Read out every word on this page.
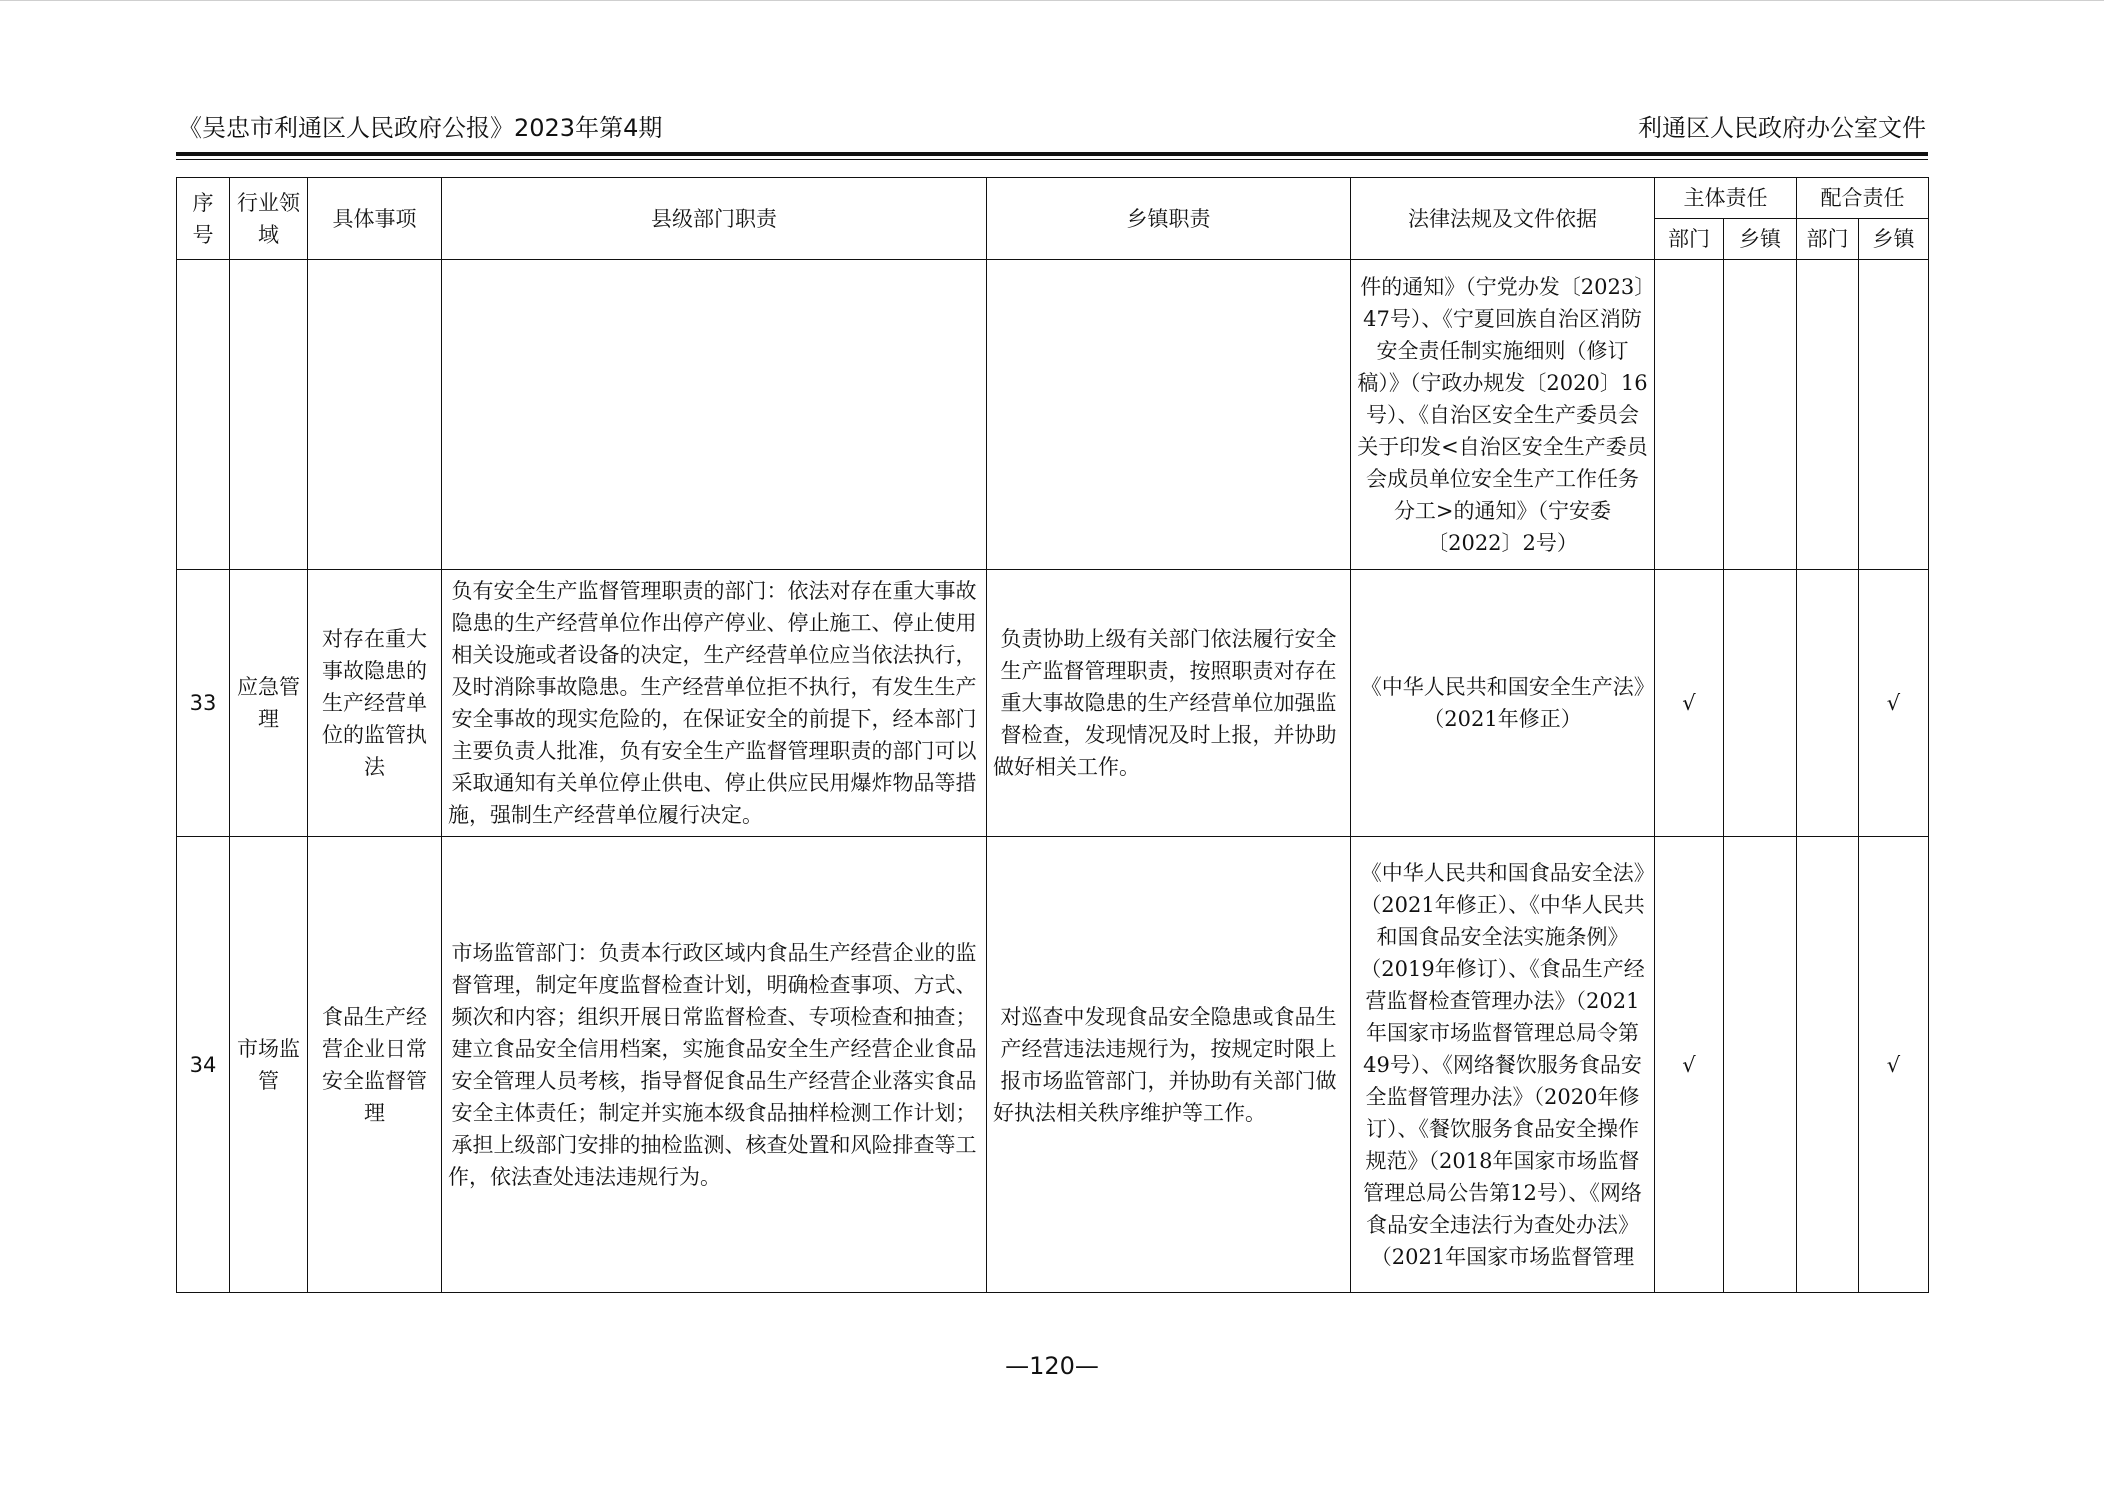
《吴忠市利通区人民政府公报》2023年第4期	利通区人民政府办公室文件
序号	行业领域	具体事项	县级部门职责	乡镇职责	法律法规及文件依据	主体责任		配合责任	
						部门	乡镇	部门	乡镇
					件的通知》（宁党办发〔2023〕47号）、《宁夏回族自治区消防安全责任制实施细则（修订稿）》（宁政办规发〔2020〕16号）、《自治区安全生产委员会关于印发<自治区安全生产委员会成员单位安全生产工作任务分工>的通知》（宁安委〔2022〕2号）				
33	应急管理	对存在重大事故隐患的生产经营单位的监管执法	负有安全生产监督管理职责的部门：依法对存在重大事故隐患的生产经营单位作出停产停业、停止施工、停止使用相关设施或者设备的决定，生产经营单位应当依法执行，及时消除事故隐患。生产经营单位拒不执行，有发生生产安全事故的现实危险的，在保证安全的前提下，经本部门主要负责人批准，负有安全生产监督管理职责的部门可以采取通知有关单位停止供电、停止供应民用爆炸物品等措施，强制生产经营单位履行决定。	负责协助上级有关部门依法履行安全生产监督管理职责，按照职责对存在重大事故隐患的生产经营单位加强监督检查，发现情况及时上报，并协助做好相关工作。	《中华人民共和国安全生产法》（2021年修正）	√			√
34	市场监管	食品生产经营企业日常安全监督管理	市场监管部门：负责本行政区域内食品生产经营企业的监督管理，制定年度监督检查计划，明确检查事项、方式、频次和内容；组织开展日常监督检查、专项检查和抽查；建立食品安全信用档案，实施食品安全生产经营企业食品安全管理人员考核，指导督促食品生产经营企业落实食品安全主体责任；制定并实施本级食品抽样检测工作计划；承担上级部门安排的抽检监测、核查处置和风险排查等工作，依法查处违法违规行为。	对巡查中发现食品安全隐患或食品生产经营违法违规行为，按规定时限上报市场监管部门，并协助有关部门做好执法相关秩序维护等工作。	《中华人民共和国食品安全法》（2021年修正）、《中华人民共和国食品安全法实施条例》（2019年修订）、《食品生产经营监督检查管理办法》（2021年国家市场监督管理总局令第49号）、《网络餐饮服务食品安全监督管理办法》（2020年修订）、《餐饮服务食品安全操作规范》（2018年国家市场监督管理总局公告第12号）、《网络食品安全违法行为查处办法》（2021年国家市场监督管理	√			√
—120—
